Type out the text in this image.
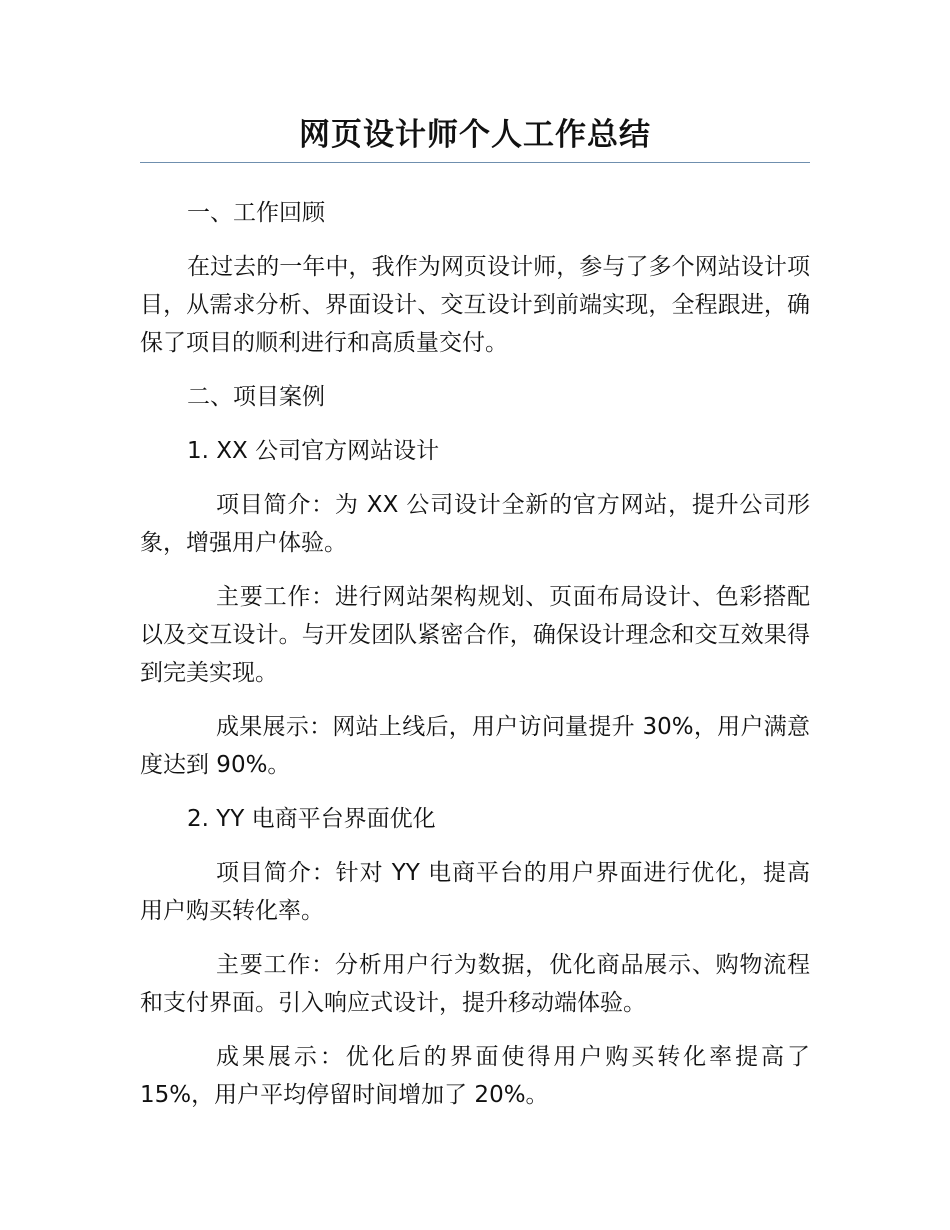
网页设计师个人工作总结

一、工作回顾

在过去的一年中，我作为网页设计师，参与了多个网站设计项目，从需求分析、界面设计、交互设计到前端实现，全程跟进，确保了项目的顺利进行和高质量交付。

二、项目案例

1. XX 公司官方网站设计

项目简介：为 XX 公司设计全新的官方网站，提升公司形象，增强用户体验。

主要工作：进行网站架构规划、页面布局设计、色彩搭配以及交互设计。与开发团队紧密合作，确保设计理念和交互效果得到完美实现。

成果展示：网站上线后，用户访问量提升 30%，用户满意度达到 90%。

2. YY 电商平台界面优化

项目简介：针对 YY 电商平台的用户界面进行优化，提高用户购买转化率。

主要工作：分析用户行为数据，优化商品展示、购物流程和支付界面。引入响应式设计，提升移动端体验。

成果展示：优化后的界面使得用户购买转化率提高了 15%，用户平均停留时间增加了 20%。
